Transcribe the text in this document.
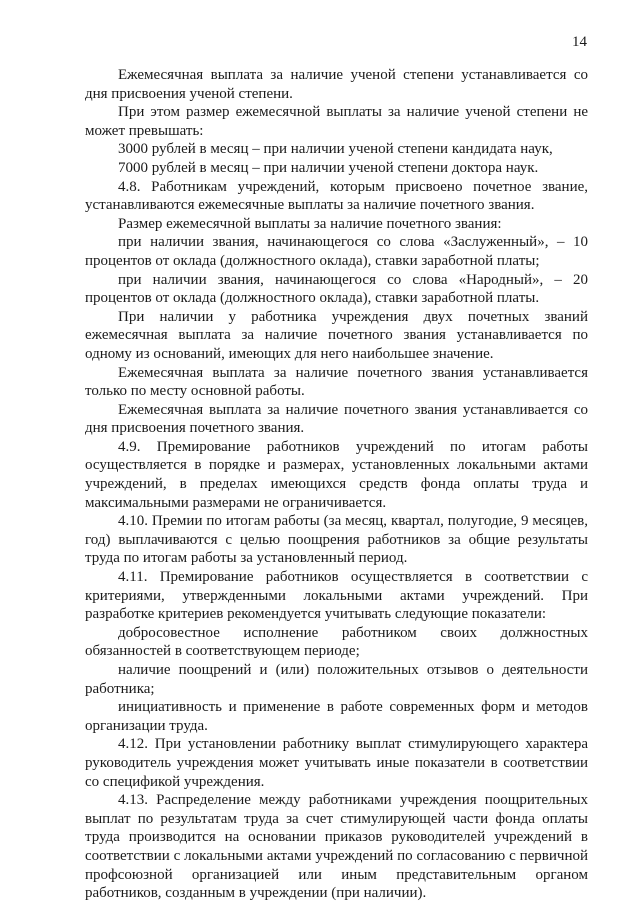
14

Ежемесячная выплата за наличие ученой степени устанавливается со дня присвоения ученой степени.

При этом размер ежемесячной выплаты за наличие ученой степени не может превышать:

3000 рублей в месяц – при наличии ученой степени кандидата наук,

7000 рублей в месяц – при наличии ученой степени доктора наук.

4.8. Работникам учреждений, которым присвоено почетное звание, устанавливаются ежемесячные выплаты за наличие почетного звания.

Размер ежемесячной выплаты за наличие почетного звания:

при наличии звания, начинающегося со слова «Заслуженный», – 10 процентов от оклада (должностного оклада), ставки заработной платы;

при наличии звания, начинающегося со слова «Народный», – 20 процентов от оклада (должностного оклада), ставки заработной платы.

При наличии у работника учреждения двух почетных званий ежемесячная выплата за наличие почетного звания устанавливается по одному из оснований, имеющих для него наибольшее значение.

Ежемесячная выплата за наличие почетного звания устанавливается только по месту основной работы.

Ежемесячная выплата за наличие почетного звания устанавливается со дня присвоения почетного звания.

4.9. Премирование работников учреждений по итогам работы осуществляется в порядке и размерах, установленных локальными актами учреждений, в пределах имеющихся средств фонда оплаты труда и максимальными размерами не ограничивается.

4.10. Премии по итогам работы (за месяц, квартал, полугодие, 9 месяцев, год) выплачиваются с целью поощрения работников за общие результаты труда по итогам работы за установленный период.

4.11. Премирование работников осуществляется в соответствии с критериями, утвержденными локальными актами учреждений. При разработке критериев рекомендуется учитывать следующие показатели:

добросовестное исполнение работником своих должностных обязанностей в соответствующем периоде;

наличие поощрений и (или) положительных отзывов о деятельности работника;

инициативность и применение в работе современных форм и методов организации труда.

4.12. При установлении работнику выплат стимулирующего характера руководитель учреждения может учитывать иные показатели в соответствии со спецификой учреждения.

4.13. Распределение между работниками учреждения поощрительных выплат по результатам труда за счет стимулирующей части фонда оплаты труда производится на основании приказов руководителей учреждений в соответствии с локальными актами учреждений по согласованию с первичной профсоюзной организацией или иным представительным органом работников, созданным в учреждении (при наличии).
